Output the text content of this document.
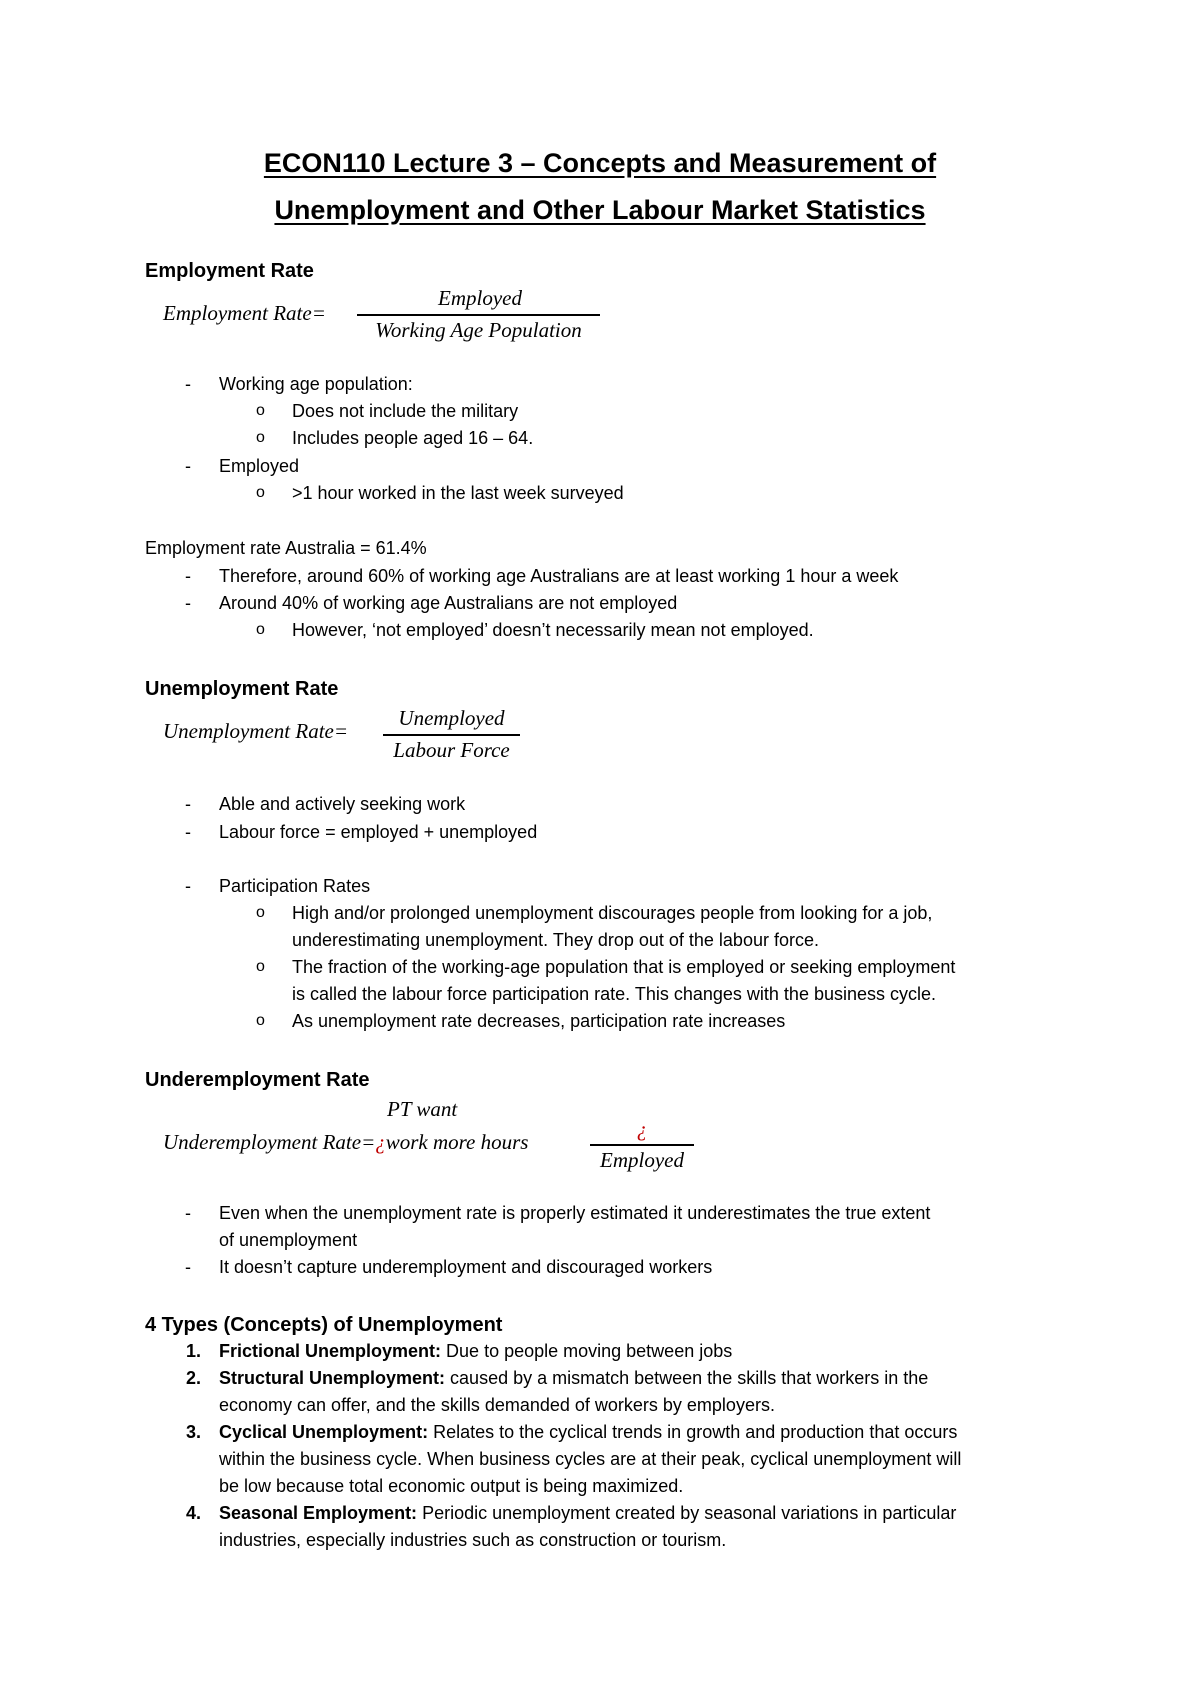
ECON110 Lecture 3 – Concepts and Measurement of
Unemployment and Other Labour Market Statistics
Employment Rate
Employment Rate=
Employed
Working Age Population
- Working age population:
o Does not include the military
o Includes people aged 16 – 64.
- Employed
o >1 hour worked in the last week surveyed
Employment rate Australia = 61.4%
- Therefore, around 60% of working age Australians are at least working 1 hour a week
- Around 40% of working age Australians are not employed
o However, ‘not employed’ doesn’t necessarily mean not employed.
Unemployment Rate
Unemployment Rate=
Unemployed
Labour Force
- Able and actively seeking work
- Labour force = employed + unemployed
- Participation Rates
o High and/or prolonged unemployment discourages people from looking for a job,
underestimating unemployment. They drop out of the labour force.
o The fraction of the working-age population that is employed or seeking employment
is called the labour force participation rate. This changes with the business cycle.
o As unemployment rate decreases, participation rate increases
Underemployment Rate
PT want
Underemployment Rate=¿work more hours
¿
Employed
- Even when the unemployment rate is properly estimated it underestimates the true extent
of unemployment
- It doesn’t capture underemployment and discouraged workers
4 Types (Concepts) of Unemployment
1. Frictional Unemployment: Due to people moving between jobs
2. Structural Unemployment: caused by a mismatch between the skills that workers in the
economy can offer, and the skills demanded of workers by employers.
3. Cyclical Unemployment: Relates to the cyclical trends in growth and production that occurs
within the business cycle. When business cycles are at their peak, cyclical unemployment will
be low because total economic output is being maximized.
4. Seasonal Employment: Periodic unemployment created by seasonal variations in particular
industries, especially industries such as construction or tourism.
